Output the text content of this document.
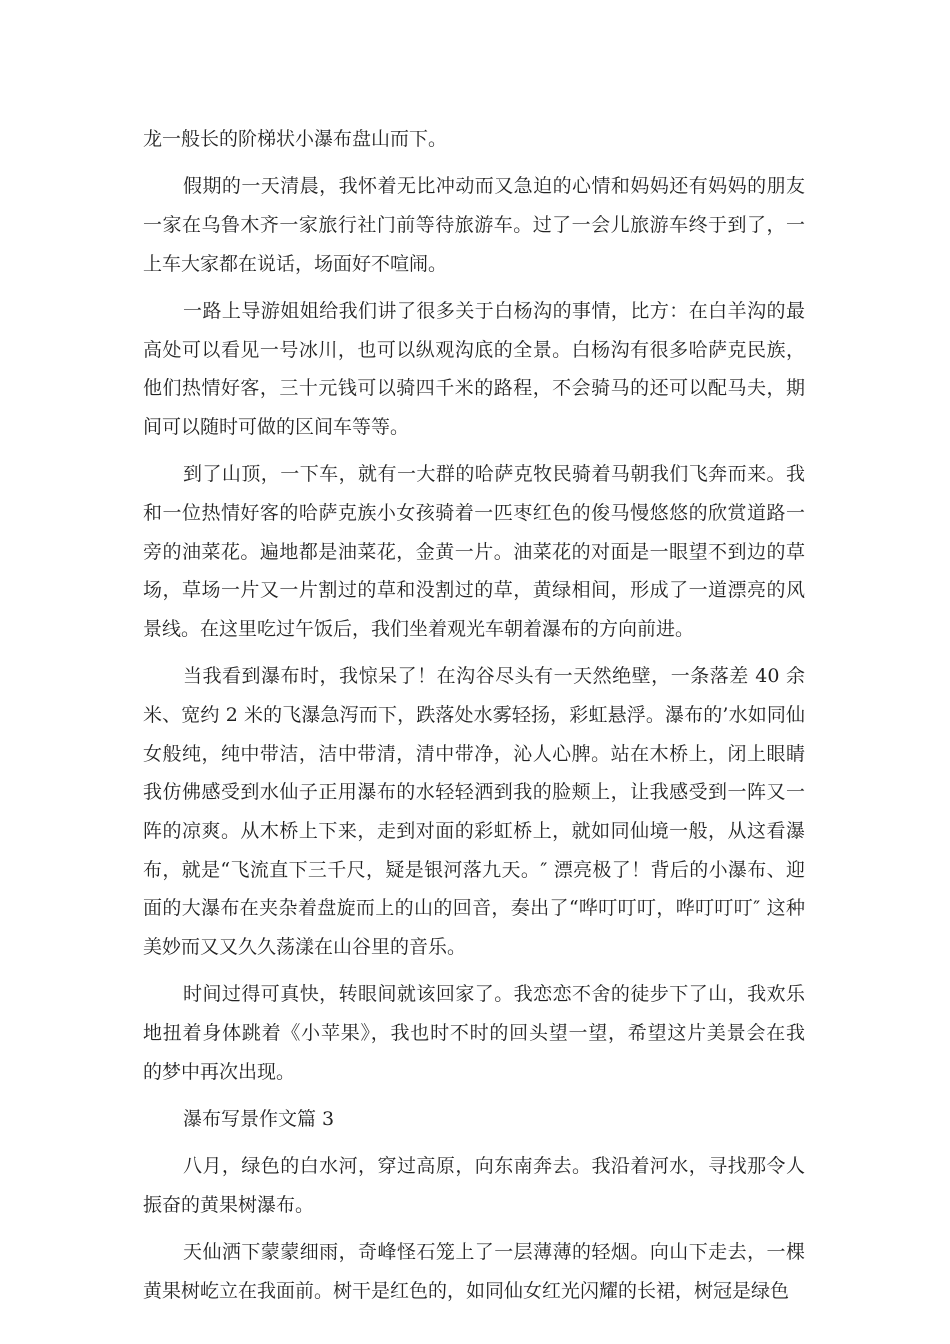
龙一般长的阶梯状小瀑布盘山而下。
假期的一天清晨，我怀着无比冲动而又急迫的心情和妈妈还有妈妈的朋友
一家在乌鲁木齐一家旅行社门前等待旅游车。过了一会儿旅游车终于到了，一
上车大家都在说话，场面好不喧闹。
一路上导游姐姐给我们讲了很多关于白杨沟的事情，比方：在白羊沟的最
高处可以看见一号冰川，也可以纵观沟底的全景。白杨沟有很多哈萨克民族，
他们热情好客，三十元钱可以骑四千米的路程，不会骑马的还可以配马夫，期
间可以随时可做的区间车等等。
到了山顶，一下车，就有一大群的哈萨克牧民骑着马朝我们飞奔而来。我
和一位热情好客的哈萨克族小女孩骑着一匹枣红色的俊马慢悠悠的欣赏道路一
旁的油菜花。遍地都是油菜花，金黄一片。油菜花的对面是一眼望不到边的草
场，草场一片又一片割过的草和没割过的草，黄绿相间，形成了一道漂亮的风
景线。在这里吃过午饭后，我们坐着观光车朝着瀑布的方向前进。
当我看到瀑布时，我惊呆了！在沟谷尽头有一天然绝壁，一条落差 40 余
米、宽约 2 米的飞瀑急泻而下，跌落处水雾轻扬，彩虹悬浮。瀑布的’水如同仙
女般纯，纯中带洁，洁中带清，清中带净，沁人心脾。站在木桥上，闭上眼睛
我仿佛感受到水仙子正用瀑布的水轻轻洒到我的脸颊上，让我感受到一阵又一
阵的凉爽。从木桥上下来，走到对面的彩虹桥上，就如同仙境一般，从这看瀑
布，就是“飞流直下三千尺，疑是银河落九天。″ 漂亮极了！背后的小瀑布、迎
面的大瀑布在夹杂着盘旋而上的山的回音，奏出了“哗叮叮叮，哗叮叮叮″ 这种
美妙而又又久久荡漾在山谷里的音乐。
时间过得可真快，转眼间就该回家了。我恋恋不舍的徒步下了山，我欢乐
地扭着身体跳着《小苹果》，我也时不时的回头望一望，希望这片美景会在我
的梦中再次出现。
瀑布写景作文篇 3
八月，绿色的白水河，穿过高原，向东南奔去。我沿着河水，寻找那令人
振奋的黄果树瀑布。
天仙洒下蒙蒙细雨，奇峰怪石笼上了一层薄薄的轻烟。向山下走去，一棵
黄果树屹立在我面前。树干是红色的，如同仙女红光闪耀的长裙，树冠是绿色
